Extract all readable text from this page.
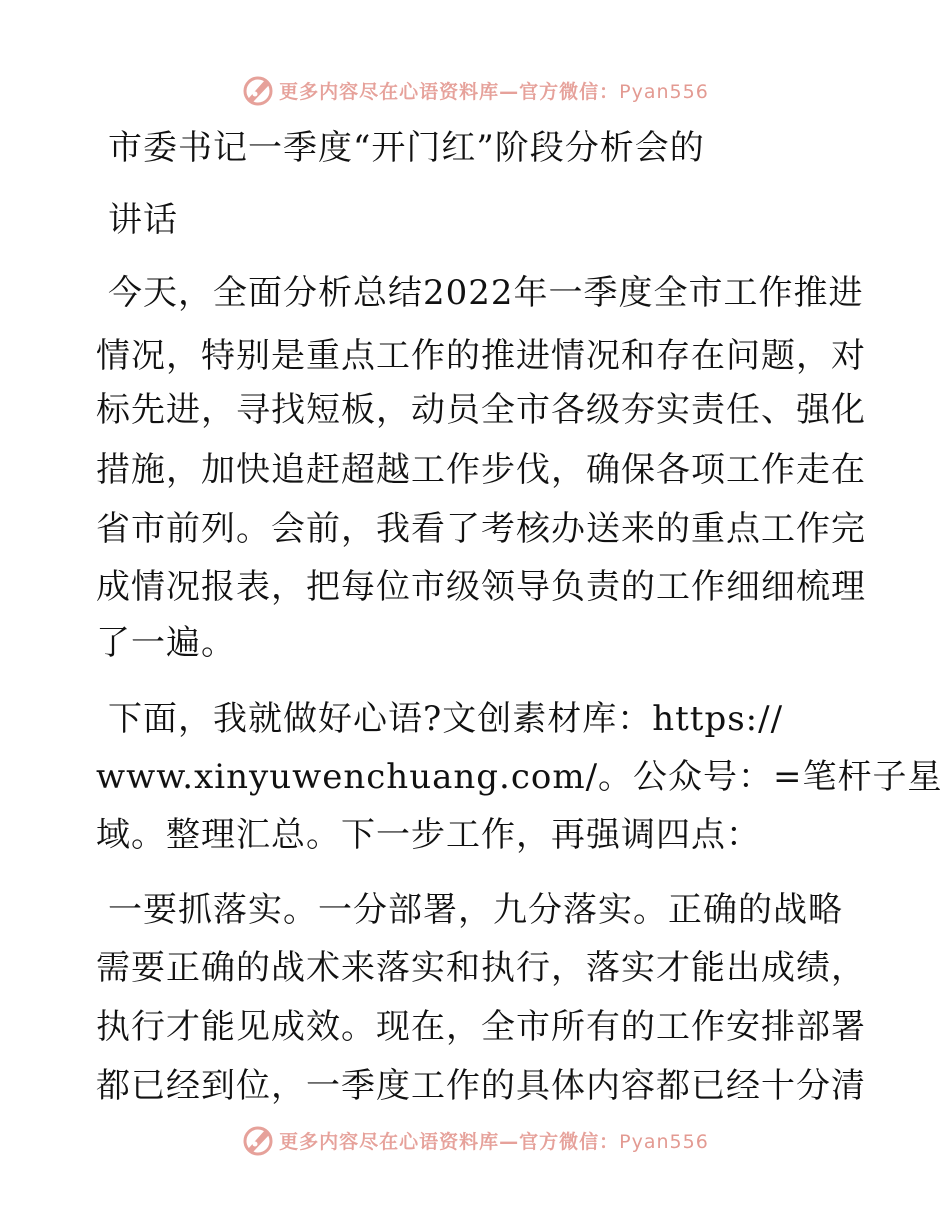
更多内容尽在心语资料库—官方微信：Pyan556
市委书记一季度“开门红”阶段分析会的
讲话
今天，全面分析总结2022年一季度全市工作推进
情况，特别是重点工作的推进情况和存在问题，对
标先进，寻找短板，动员全市各级夯实责任、强化
措施，加快追赶超越工作步伐，确保各项工作走在
省市前列。会前，我看了考核办送来的重点工作完
成情况报表，把每位市级领导负责的工作细细梳理
了一遍。
下面，我就做好心语?文创素材库：https://
www.xinyuwenchuang.com/。公众号：=笔杆子星
域。整理汇总。下一步工作，再强调四点：
一要抓落实。一分部署，九分落实。正确的战略
需要正确的战术来落实和执行，落实才能出成绩，
执行才能见成效。现在，全市所有的工作安排部署
都已经到位，一季度工作的具体内容都已经十分清
更多内容尽在心语资料库—官方微信：Pyan556
